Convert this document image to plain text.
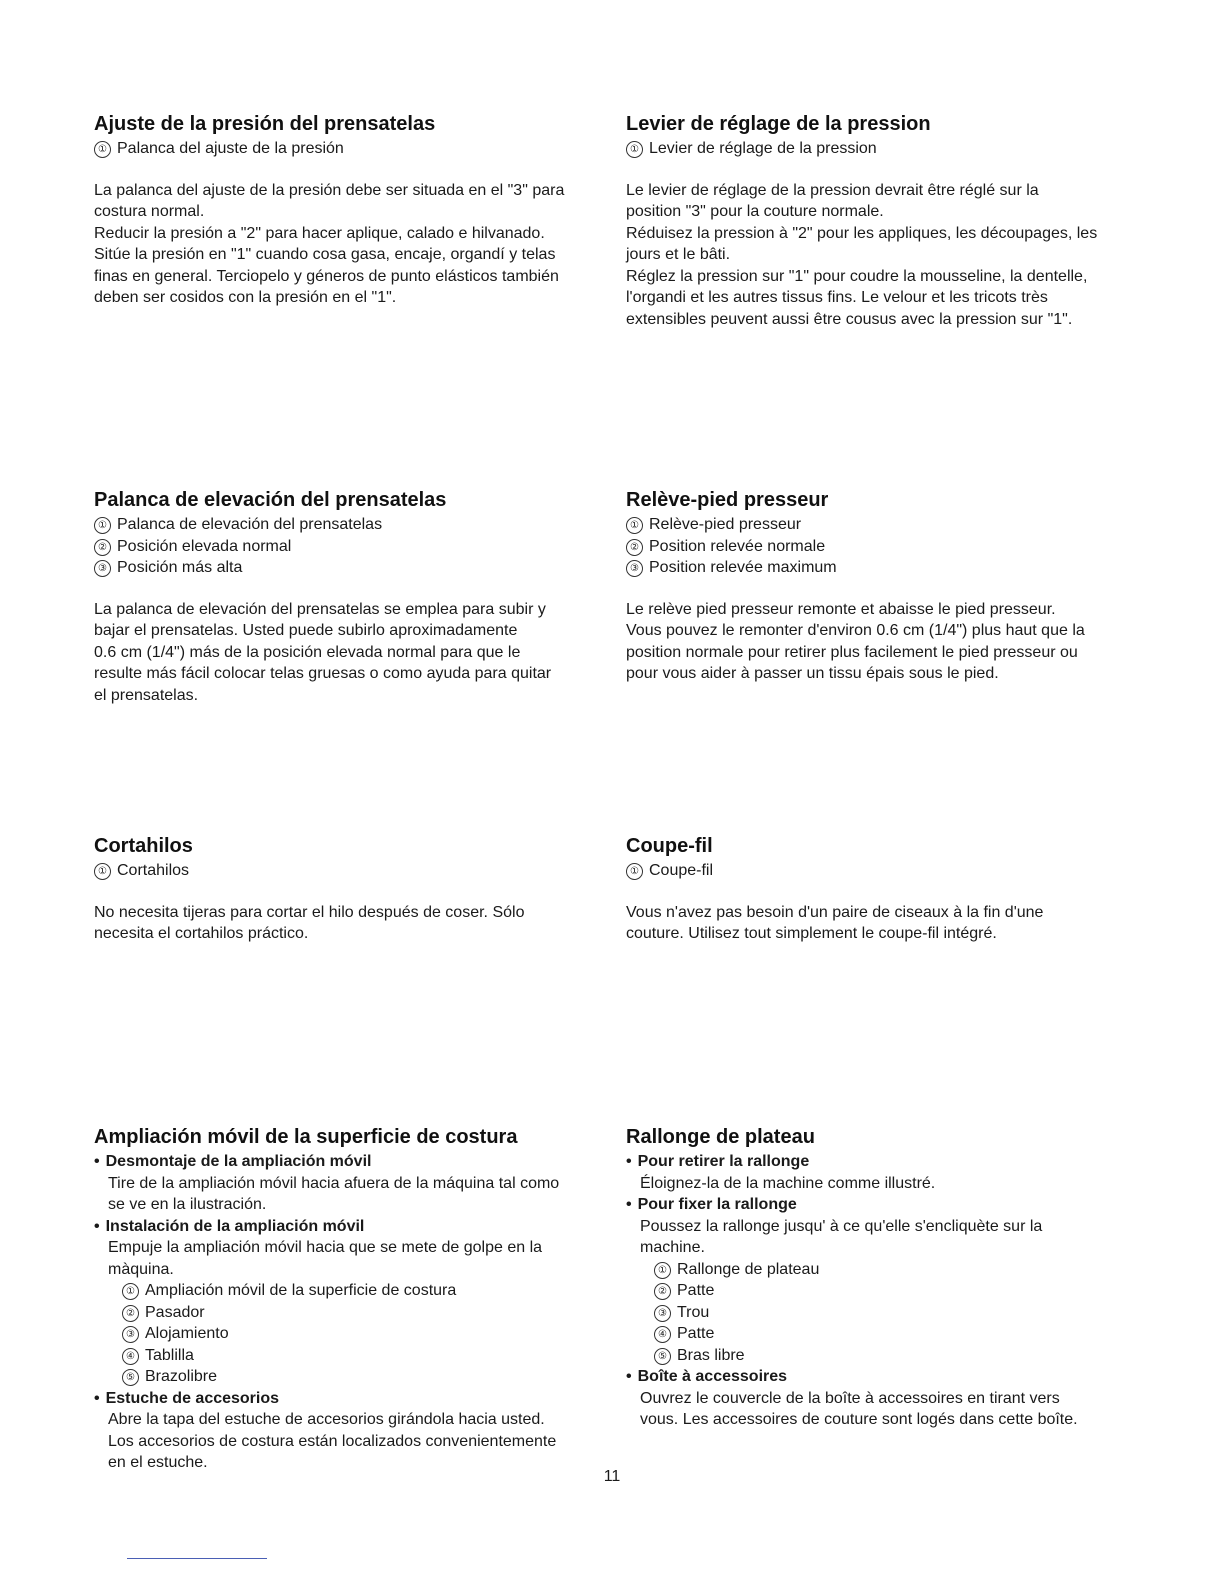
Ajuste de la presión del prensatelas

① Palanca del ajuste de la presión

La palanca del ajuste de la presión debe ser situada en el "3" para

costura normal.

Reducir la presión a "2" para hacer aplique, calado e hilvanado.

Sitúe la presión en "1" cuando cosa gasa, encaje, organdí y telas

finas en general. Terciopelo y géneros de punto elásticos también

deben ser cosidos con la presión en el "1".

Levier de réglage de la pression

① Levier de réglage de la pression

Le levier de réglage de la pression devrait être réglé sur la

position "3" pour la couture normale.

Réduisez la pression à "2" pour les appliques, les découpages, les

jours et le bâti.

Réglez la pression sur "1" pour coudre la mousseline, la dentelle,

l'organdi et les autres tissus fins. Le velour et les tricots très

extensibles peuvent aussi être cousus avec la pression sur "1".

Palanca de elevación del prensatelas

① Palanca de elevación del prensatelas

② Posición elevada normal

③ Posición más alta

La palanca de elevación del prensatelas se emplea para subir y

bajar el prensatelas. Usted puede subirlo aproximadamente

0.6 cm (1/4") más de la posición elevada normal para que le

resulte más fácil colocar telas gruesas o como ayuda para quitar

el prensatelas.

Relève-pied presseur

① Relève-pied presseur

② Position relevée normale

③ Position relevée maximum

Le relève pied presseur remonte et abaisse le pied presseur.

Vous pouvez le remonter d'environ 0.6 cm (1/4") plus haut que la

position normale pour retirer plus facilement le pied presseur ou

pour vous aider à passer un tissu épais sous le pied.

Cortahilos

① Cortahilos

No necesita tijeras para cortar el hilo después de coser. Sólo

necesita el cortahilos práctico.

Coupe-fil

① Coupe-fil

Vous n'avez pas besoin d'un paire de ciseaux à la fin d'une

couture. Utilisez tout simplement le coupe-fil intégré.

Ampliación móvil de la superficie de costura

• Desmontaje de la ampliación móvil

Tire de la ampliación móvil hacia afuera de la máquina tal como

se ve en la ilustración.

• Instalación de la ampliación móvil

Empuje la ampliación móvil hacia que se mete de golpe en la

màquina.

① Ampliación móvil de la superficie de costura

② Pasador

③ Alojamiento

④ Tablilla

⑤ Brazolibre

• Estuche de accesorios

Abre la tapa del estuche de accesorios girándola hacia usted.

Los accesorios de costura están localizados convenientemente

en el estuche.

Rallonge de plateau

• Pour retirer la rallonge

Éloignez-la de la machine comme illustré.

• Pour fixer la rallonge

Poussez la rallonge jusqu' à ce qu'elle s'encliquète sur la

machine.

① Rallonge de plateau

② Patte

③ Trou

④ Patte

⑤ Bras libre

• Boîte à accessoires

Ouvrez le couvercle de la boîte à accessoires en tirant vers

vous. Les accessoires de couture sont logés dans cette boîte.

11
